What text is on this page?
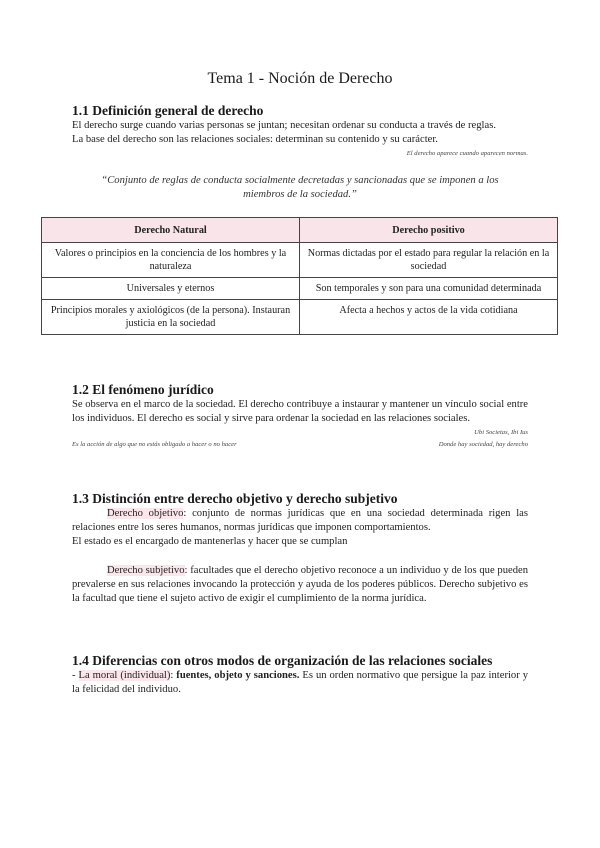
Tema 1 - Noción de Derecho

1.1 Definición general de derecho

El derecho surge cuando varias personas se juntan; necesitan ordenar su conducta a través de reglas.

La base del derecho son las relaciones sociales: determinan su contenido y su carácter.

El derecho aparece cuando aparecen normas.

“Conjunto de reglas de conducta socialmente decretadas y sancionadas que se imponen a los miembros de la sociedad.”
Derecho Natural	Derecho positivo
Valores o principios en la conciencia de los hombres y la naturaleza	Normas dictadas por el estado para regular la relación en la sociedad
Universales y eternos	Son temporales y son para una comunidad determinada
Principios morales y axiológicos (de la persona). Instauran justicia en la sociedad	Afecta a hechos y actos de la vida cotidiana

1.2 El fenómeno jurídico

Se observa en el marco de la sociedad. El derecho contribuye a instaurar y mantener un vínculo social entre los individuos. El derecho es social y sirve para ordenar la sociedad en las relaciones sociales.

Ubi Societas, Ibi Ius

Es la acción de algo que no estás obligado a hacer o no hacer	Donde hay sociedad, hay derecho

1.3 Distinción entre derecho objetivo y derecho subjetivo

Derecho objetivo: conjunto de normas jurídicas que en una sociedad determinada rigen las relaciones entre los seres humanos, normas jurídicas que imponen comportamientos.

El estado es el encargado de mantenerlas y hacer que se cumplan

Derecho subjetivo: facultades que el derecho objetivo reconoce a un individuo y de los que pueden prevalerse en sus relaciones invocando la protección y ayuda de los poderes públicos. Derecho subjetivo es la facultad que tiene el sujeto activo de exigir el cumplimiento de la norma jurídica.

1.4 Diferencias con otros modos de organización de las relaciones sociales

- La moral (individual): fuentes, objeto y sanciones. Es un orden normativo que persigue la paz interior y la felicidad del individuo.
